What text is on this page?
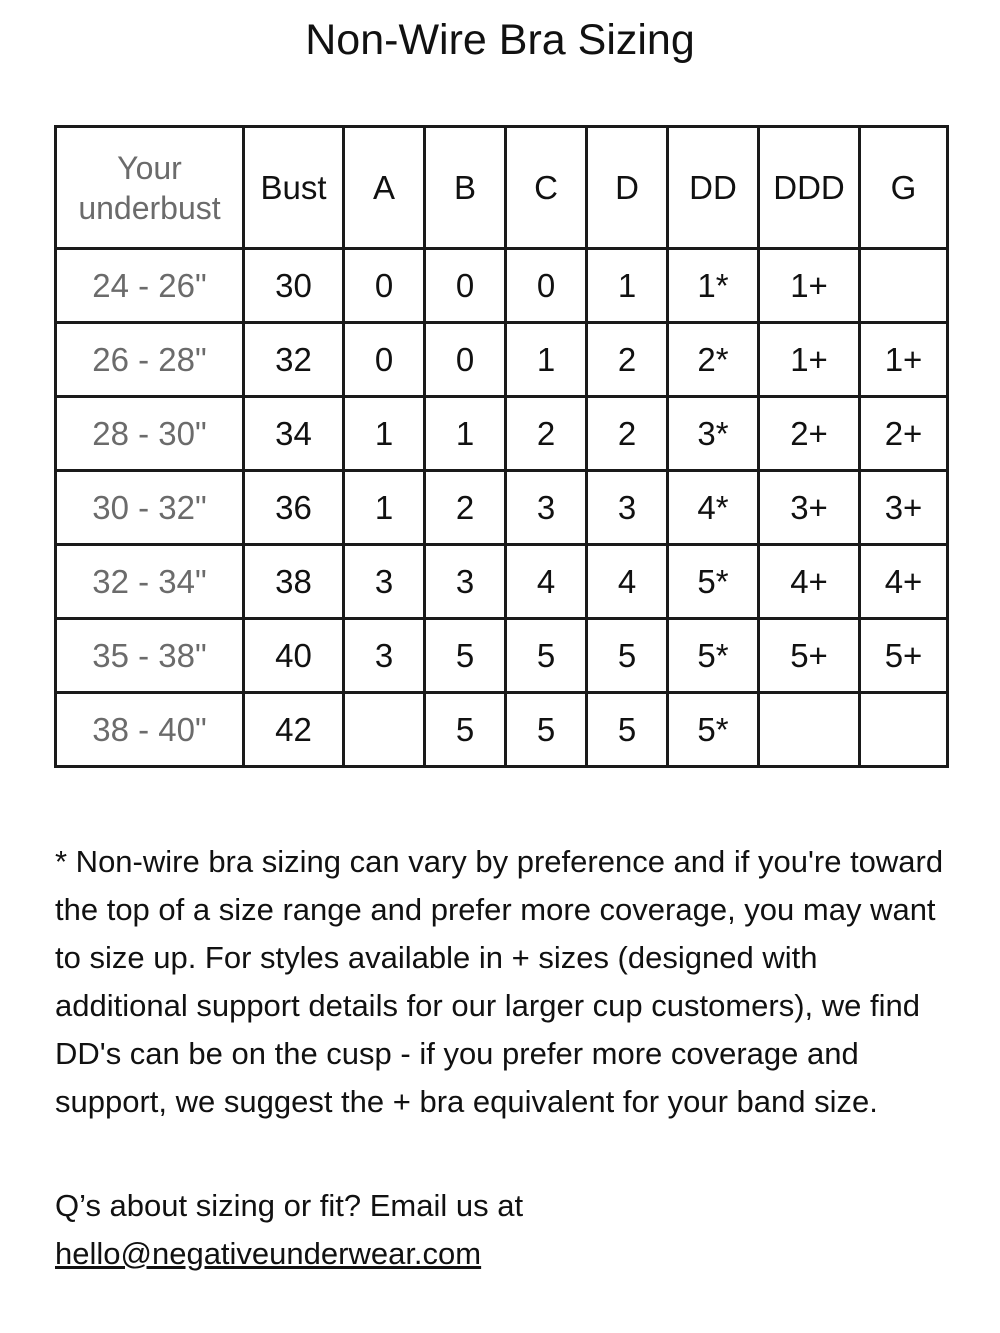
Non-Wire Bra Sizing
Your
underbust	Bust	A	B	C	D	DD	DDD	G
24 - 26"	30	0	0	0	1	1*	1+	
26 - 28"	32	0	0	1	2	2*	1+	1+
28 - 30"	34	1	1	2	2	3*	2+	2+
30 - 32"	36	1	2	3	3	4*	3+	3+
32 - 34"	38	3	3	4	4	5*	4+	4+
35 - 38"	40	3	5	5	5	5*	5+	5+
38 - 40"	42		5	5	5	5*		

* Non-wire bra sizing can vary by preference and if you're toward the top of a size range and prefer more coverage, you may want to size up. For styles available in + sizes (designed with additional support details for our larger cup customers), we find DD's can be on the cusp - if you prefer more coverage and support, we suggest the + bra equivalent for your band size.

Q’s about sizing or fit? Email us at
hello@negativeunderwear.com
